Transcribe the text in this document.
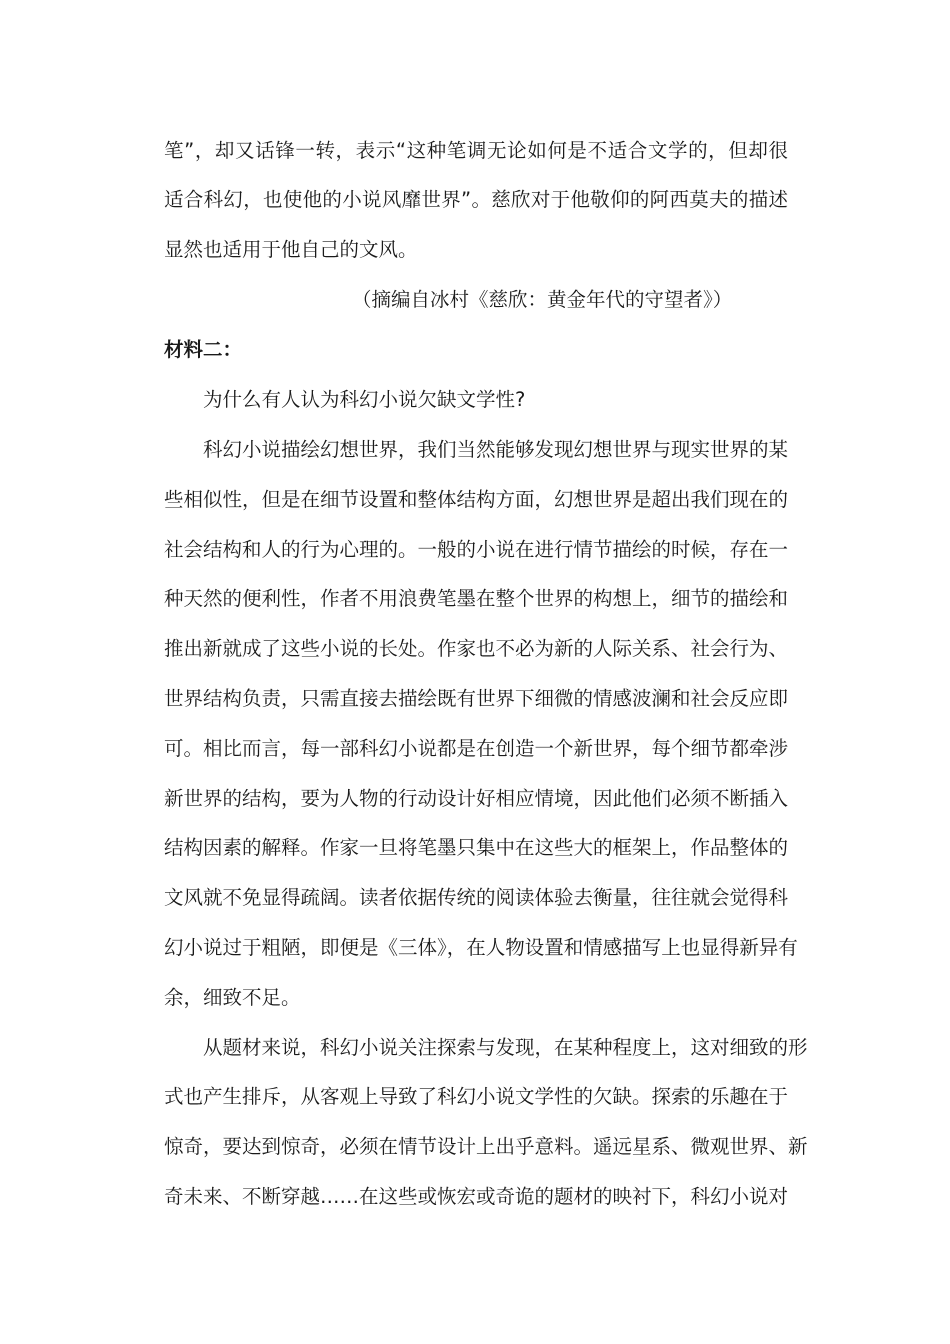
笔”，却又话锋一转，表示“这种笔调无论如何是不适合文学的，但却很
适合科幻，也使他的小说风靡世界”。慈欣对于他敬仰的阿西莫夫的描述
显然也适用于他自己的文风。
（摘编自冰村《慈欣：黄金年代的守望者》）
材料二：
为什么有人认为科幻小说欠缺文学性?
科幻小说描绘幻想世界，我们当然能够发现幻想世界与现实世界的某
些相似性，但是在细节设置和整体结构方面，幻想世界是超出我们现在的
社会结构和人的行为心理的。一般的小说在进行情节描绘的时候，存在一
种天然的便利性，作者不用浪费笔墨在整个世界的构想上，细节的描绘和
推出新就成了这些小说的长处。作家也不必为新的人际关系、社会行为、
世界结构负责，只需直接去描绘既有世界下细微的情感波澜和社会反应即
可。相比而言，每一部科幻小说都是在创造一个新世界，每个细节都牵涉
新世界的结构，要为人物的行动设计好相应情境，因此他们必须不断插入
结构因素的解释。作家一旦将笔墨只集中在这些大的框架上，作品整体的
文风就不免显得疏阔。读者依据传统的阅读体验去衡量，往往就会觉得科
幻小说过于粗陋，即便是《三体》，在人物设置和情感描写上也显得新异有
余，细致不足。
从题材来说，科幻小说关注探索与发现，在某种程度上，这对细致的形
式也产生排斥，从客观上导致了科幻小说文学性的欠缺。探索的乐趣在于
惊奇，要达到惊奇，必须在情节设计上出乎意料。遥远星系、微观世界、新
奇未来、不断穿越……在这些或恢宏或奇诡的题材的映衬下，科幻小说对
